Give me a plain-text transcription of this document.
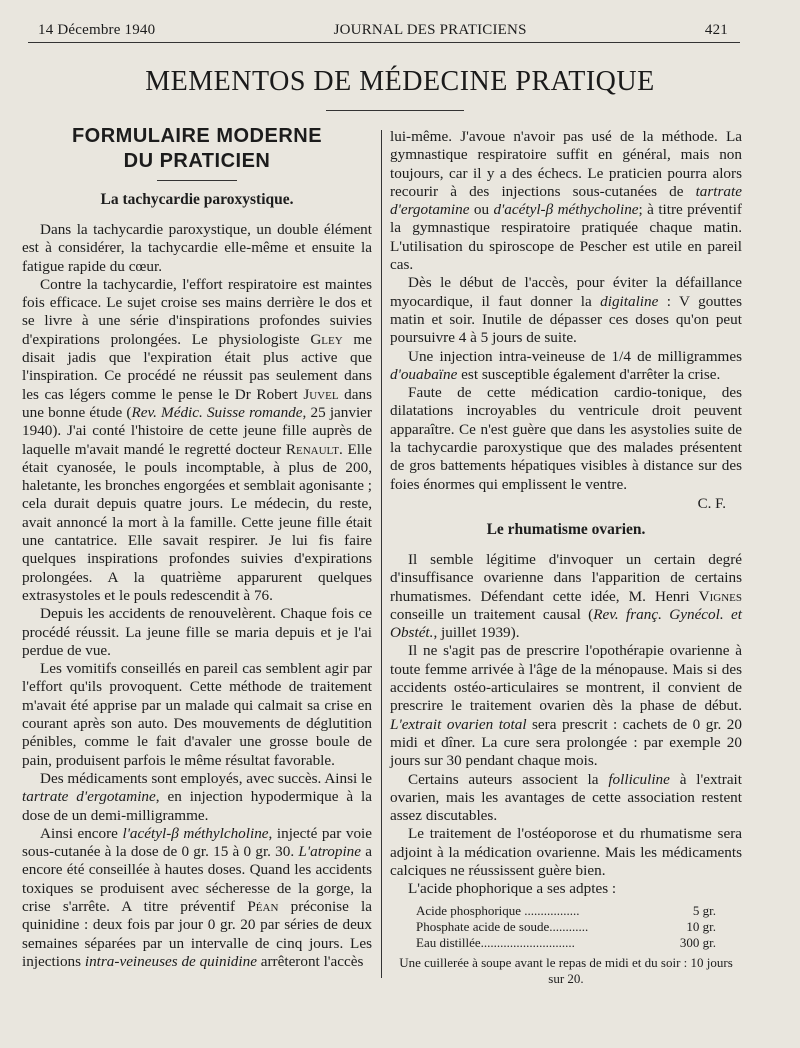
14 Décembre 1940	JOURNAL DES PRATICIENS	421
MEMENTOS DE MÉDECINE PRATIQUE
FORMULAIRE MODERNE
DU PRATICIEN
La tachycardie paroxystique.

Dans la tachycardie paroxystique, un double élément est à considérer, la tachycardie elle-même et ensuite la fatigue rapide du cœur.

Contre la tachycardie, l'effort respiratoire est maintes fois efficace. Le sujet croise ses mains derrière le dos et se livre à une série d'inspirations profondes suivies d'expirations prolongées. Le physiologiste Gley me disait jadis que l'expiration était plus active que l'inspiration. Ce procédé ne réussit pas seulement dans les cas légers comme le pense le Dr Robert Juvel dans une bonne étude (Rev. Médic. Suisse romande, 25 janvier 1940). J'ai conté l'histoire de cette jeune fille auprès de laquelle m'avait mandé le regretté docteur Renault. Elle était cyanosée, le pouls incomptable, à plus de 200, haletante, les bronches engorgées et semblait agonisante ; cela durait depuis quatre jours. Le médecin, du reste, avait annoncé la mort à la famille. Cette jeune fille était une cantatrice. Elle savait respirer. Je lui fis faire quelques inspirations profondes suivies d'expirations prolongées. A la quatrième apparurent quelques extrasystoles et le pouls redescendit à 76.

Depuis les accidents de renouvelèrent. Chaque fois ce procédé réussit. La jeune fille se maria depuis et je l'ai perdue de vue.

Les vomitifs conseillés en pareil cas semblent agir par l'effort qu'ils provoquent. Cette méthode de traitement m'avait été apprise par un malade qui calmait sa crise en courant après son auto. Des mouvements de déglutition pénibles, comme le fait d'avaler une grosse boule de pain, produisent parfois le même résultat favorable.

Des médicaments sont employés, avec succès. Ainsi le tartrate d'ergotamine, en injection hypodermique à la dose de un demi-milligramme.

Ainsi encore l'acétyl-β méthylcholine, injecté par voie sous-cutanée à la dose de 0 gr. 15 à 0 gr. 30. L'atropine a encore été conseillée à hautes doses. Quand les accidents toxiques se produisent avec sécheresse de la gorge, la crise s'arrête. A titre préventif Péan préconise la quinidine : deux fois par jour 0 gr. 20 par séries de deux semaines séparées par un intervalle de cinq jours. Les injections intra-veineuses de quinidine arrêteront l'accès

lui-même. J'avoue n'avoir pas usé de la méthode. La gymnastique respiratoire suffit en général, mais non toujours, car il y a des échecs. Le praticien pourra alors recourir à des injections sous-cutanées de tartrate d'ergotamine ou d'acétyl-β méthycholine; à titre préventif la gymnastique respiratoire pratiquée chaque matin. L'utilisation du spiroscope de Pescher est utile en pareil cas.

Dès le début de l'accès, pour éviter la défaillance myocardique, il faut donner la digitaline : V gouttes matin et soir. Inutile de dépasser ces doses qu'on peut poursuivre 4 à 5 jours de suite.

Une injection intra-veineuse de 1/4 de milligrammes d'ouabaïne est susceptible également d'arrêter la crise.

Faute de cette médication cardio-tonique, des dilatations incroyables du ventricule droit peuvent apparaître. Ce n'est guère que dans les asystolies suite de la tachycardie paroxystique que des malades présentent de gros battements hépatiques visibles à distance sur des foies énormes qui emplissent le ventre.

C. F.
Le rhumatisme ovarien.

Il semble légitime d'invoquer un certain degré d'insuffisance ovarienne dans l'apparition de certains rhumatismes. Défendant cette idée, M. Henri Vignes conseille un traitement causal (Rev. franç. Gynécol. et Obstét., juillet 1939).

Il ne s'agit pas de prescrire l'opothérapie ovarienne à toute femme arrivée à l'âge de la ménopause. Mais si des accidents ostéo-articulaires se montrent, il convient de prescrire le traitement ovarien dès la phase de début. L'extrait ovarien total sera prescrit : cachets de 0 gr. 20 midi et dîner. La cure sera prolongée : par exemple 20 jours sur 30 pendant chaque mois.

Certains auteurs associent la folliculine à l'extrait ovarien, mais les avantages de cette association restent assez discutables.

Le traitement de l'ostéoporose et du rhumatisme sera adjoint à la médication ovarienne. Mais les médicaments calciques ne réussissent guère bien.

L'acide phophorique a ses adptes :

Acide phosphorique .................	5 gr.
Phosphate acide de soude............	10 gr.
Eau distillée.............................	300 gr.
Une cuillerée à soupe avant le repas de midi et du soir : 10 jours sur 20.
